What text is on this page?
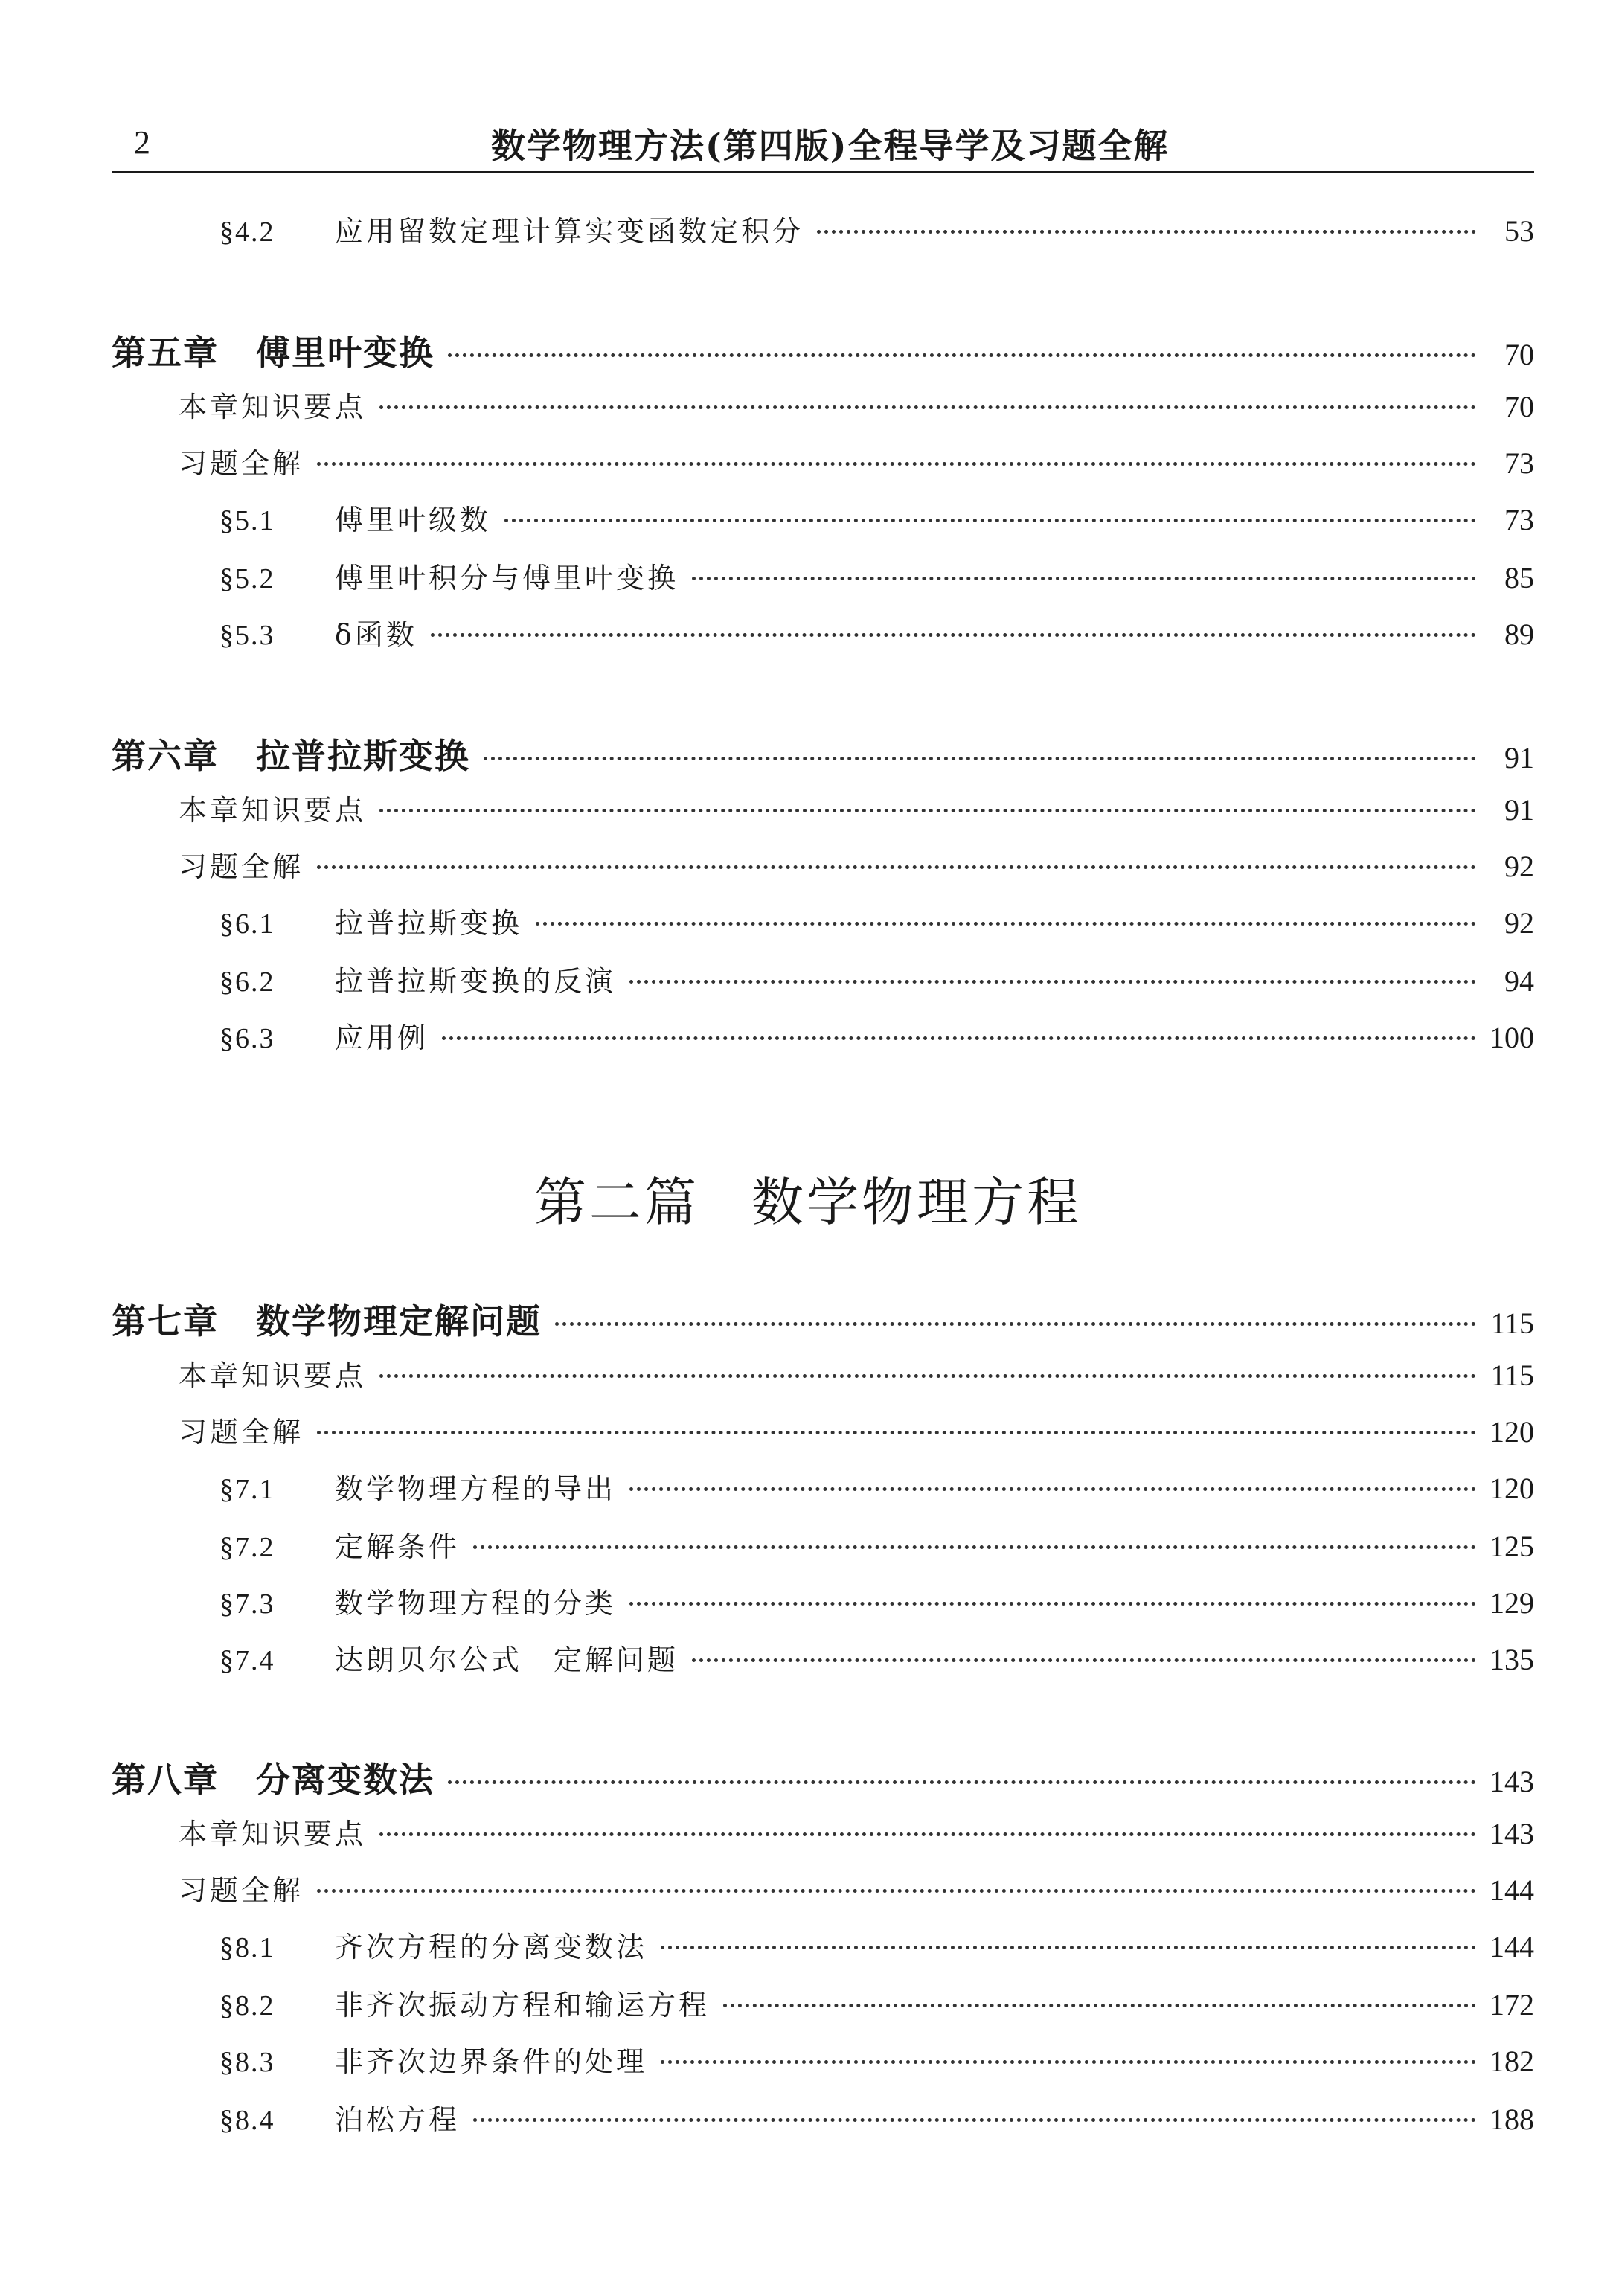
2	数学物理方法(第四版)全程导学及习题全解
第二篇 数学物理方程
§4.2 应用留数定理计算实变函数定积分	53
第五章 傅里叶变换	70
本章知识要点	70
习题全解	73
§5.1 傅里叶级数	73
§5.2 傅里叶积分与傅里叶变换	85
§5.3 δ函数	89
第六章 拉普拉斯变换	91
本章知识要点	91
习题全解	92
§6.1 拉普拉斯变换	92
§6.2 拉普拉斯变换的反演	94
§6.3 应用例	100
第七章 数学物理定解问题	115
本章知识要点	115
习题全解	120
§7.1 数学物理方程的导出	120
§7.2 定解条件	125
§7.3 数学物理方程的分类	129
§7.4 达朗贝尔公式　定解问题	135
第八章 分离变数法	143
本章知识要点	143
习题全解	144
§8.1 齐次方程的分离变数法	144
§8.2 非齐次振动方程和输运方程	172
§8.3 非齐次边界条件的处理	182
§8.4 泊松方程	188
